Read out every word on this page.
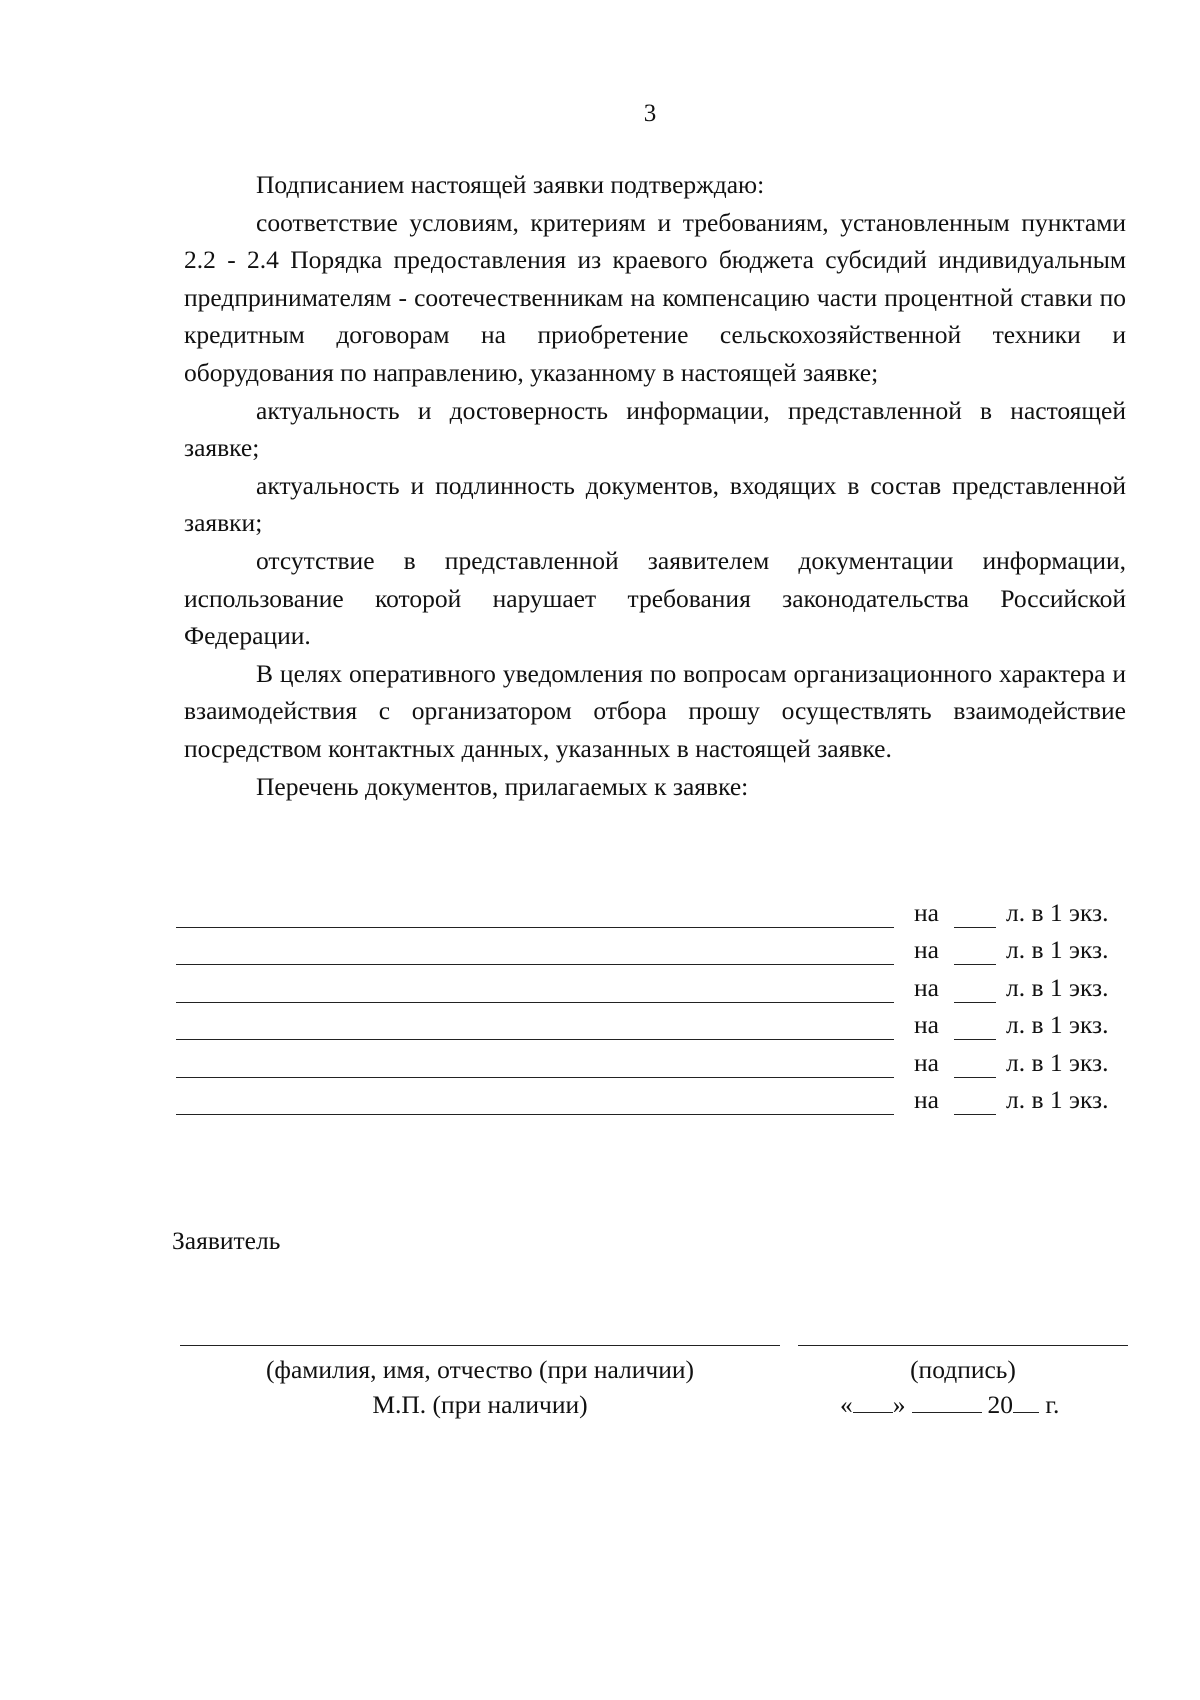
3

Подписанием настоящей заявки подтверждаю:

соответствие условиям, критериям и требованиям, установленным пунктами 2.2 - 2.4 Порядка предоставления из краевого бюджета субсидий индивидуальным предпринимателям - соотечественникам на компенсацию части процентной ставки по кредитным договорам на приобретение сельскохозяйственной техники и оборудования по направлению, указанному в настоящей заявке;

актуальность и достоверность информации, представленной в настоящей заявке;

актуальность и подлинность документов, входящих в состав представленной заявки;

отсутствие в представленной заявителем документации информации, использование которой нарушает требования законодательства Российской Федерации.

В целях оперативного уведомления по вопросам организационного характера и взаимодействия с организатором отбора прошу осуществлять взаимодействие посредством контактных данных, указанных в настоящей заявке.

Перечень документов, прилагаемых к заявке:

на	л. в 1 экз.
на	л. в 1 экз.
на	л. в 1 экз.
на	л. в 1 экз.
на	л. в 1 экз.
на	л. в 1 экз.
Заявитель
(фамилия, имя, отчество (при наличии)
М.П. (при наличии)
(подпись)
« »	20 г.
